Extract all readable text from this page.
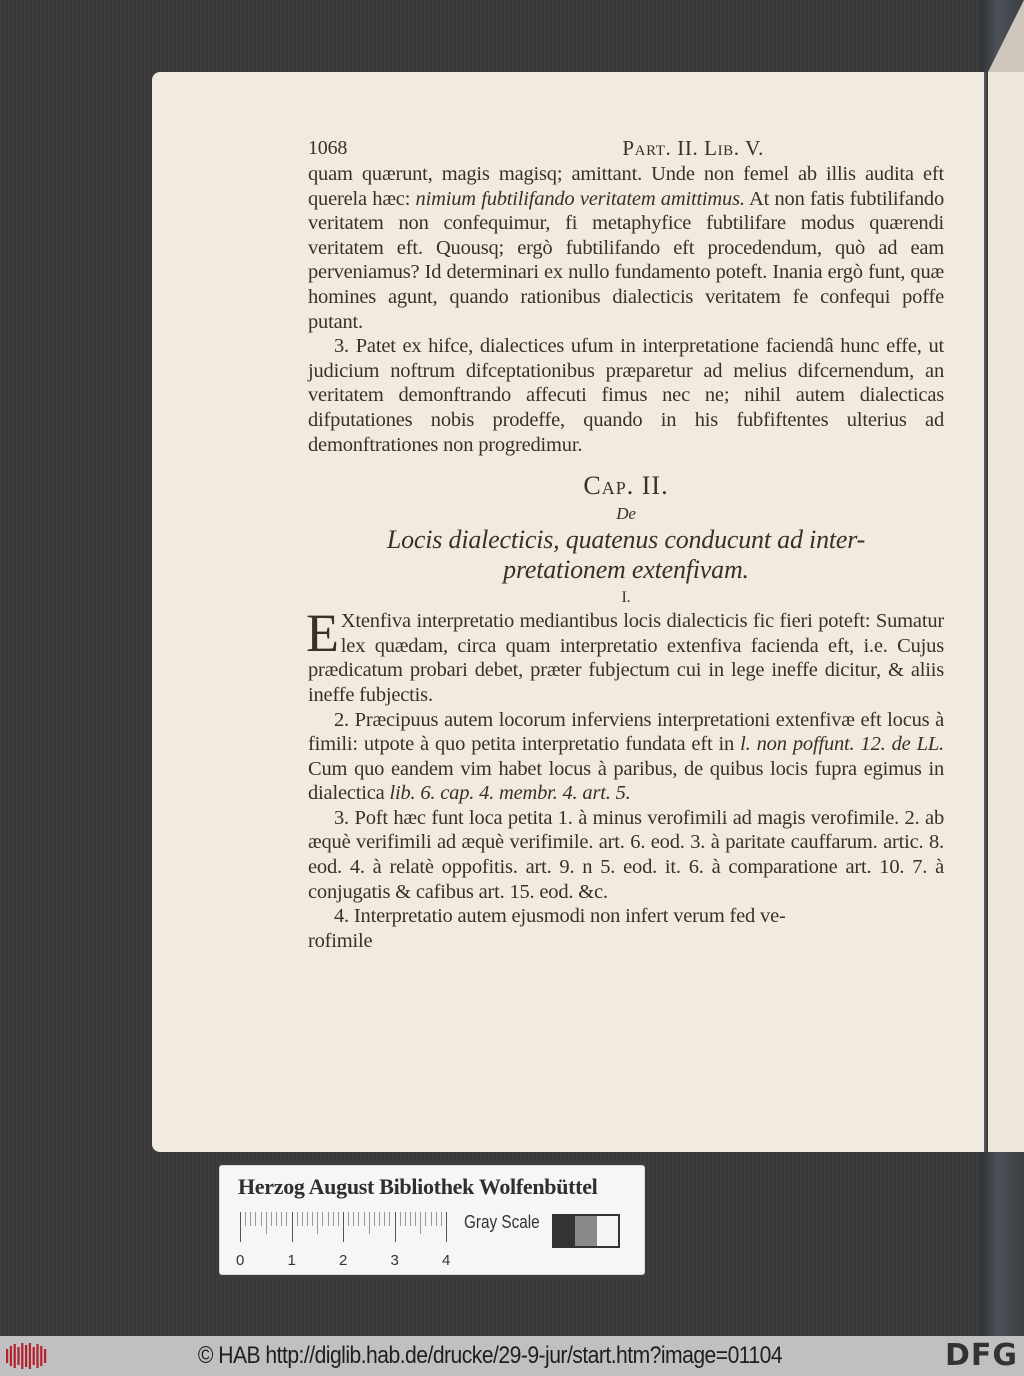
1068	Part. II. Lib. V.

quam quærunt, magis magisq; amittant. Unde non femel ab illis audita eft querela hæc: nimium fubtilifando veritatem amittimus. At non fatis fubtilifando veritatem non confequimur, fi metaphyfice fubtilifare modus quærendi veritatem eft. Quousq; ergò fubtilifando eft procedendum, quò ad eam perveniamus? Id determinari ex nullo fundamento poteft. Inania ergò funt, quæ homines agunt, quando rationibus dialecticis veritatem fe confequi poffe putant.

3. Patet ex hifce, dialectices ufum in interpretatione faciendâ hunc effe, ut judicium noftrum difceptationibus præparetur ad melius difcernendum, an veritatem demonftrando affecuti fimus nec ne; nihil autem dialecticas difputationes nobis prodeffe, quando in his fubfiftentes ulterius ad demonftrationes non progredimur.

Cap. II.
De
Locis dialecticis, quatenus conducunt ad inter-
pretationem extenfivam.
I.

E Xtenfiva interpretatio mediantibus locis dialecticis fic fieri poteft: Sumatur lex quædam, circa quam interpretatio extenfiva facienda eft, i.e. Cujus prædicatum probari debet, præter fubjectum cui in lege ineffe dicitur, & aliis ineffe fubjectis.

2. Præcipuus autem locorum inferviens interpretationi extenfivæ eft locus à fimili: utpote à quo petita interpretatio fundata eft in l. non poffunt. 12. de LL. Cum quo eandem vim habet locus à paribus, de quibus locis fupra egimus in dialectica lib. 6. cap. 4. membr. 4. art. 5.

3. Poft hæc funt loca petita 1. à minus verofimili ad magis verofimile. 2. ab æquè verifimili ad æquè verifimile. art. 6. eod. 3. à paritate cauffarum. artic. 8. eod. 4. à relatè oppofitis. art. 9. n 5. eod. it. 6. à comparatione art. 10. 7. à conjugatis & cafibus art. 15. eod. &c.

4. Interpretatio autem ejusmodi non infert verum fed ve-

rofimile

Herzog August Bibliothek Wolfenbüttel
0	1	2	3	4
Gray Scale
© HAB http://diglib.hab.de/drucke/29-9-jur/start.htm?image=01104	DFG
